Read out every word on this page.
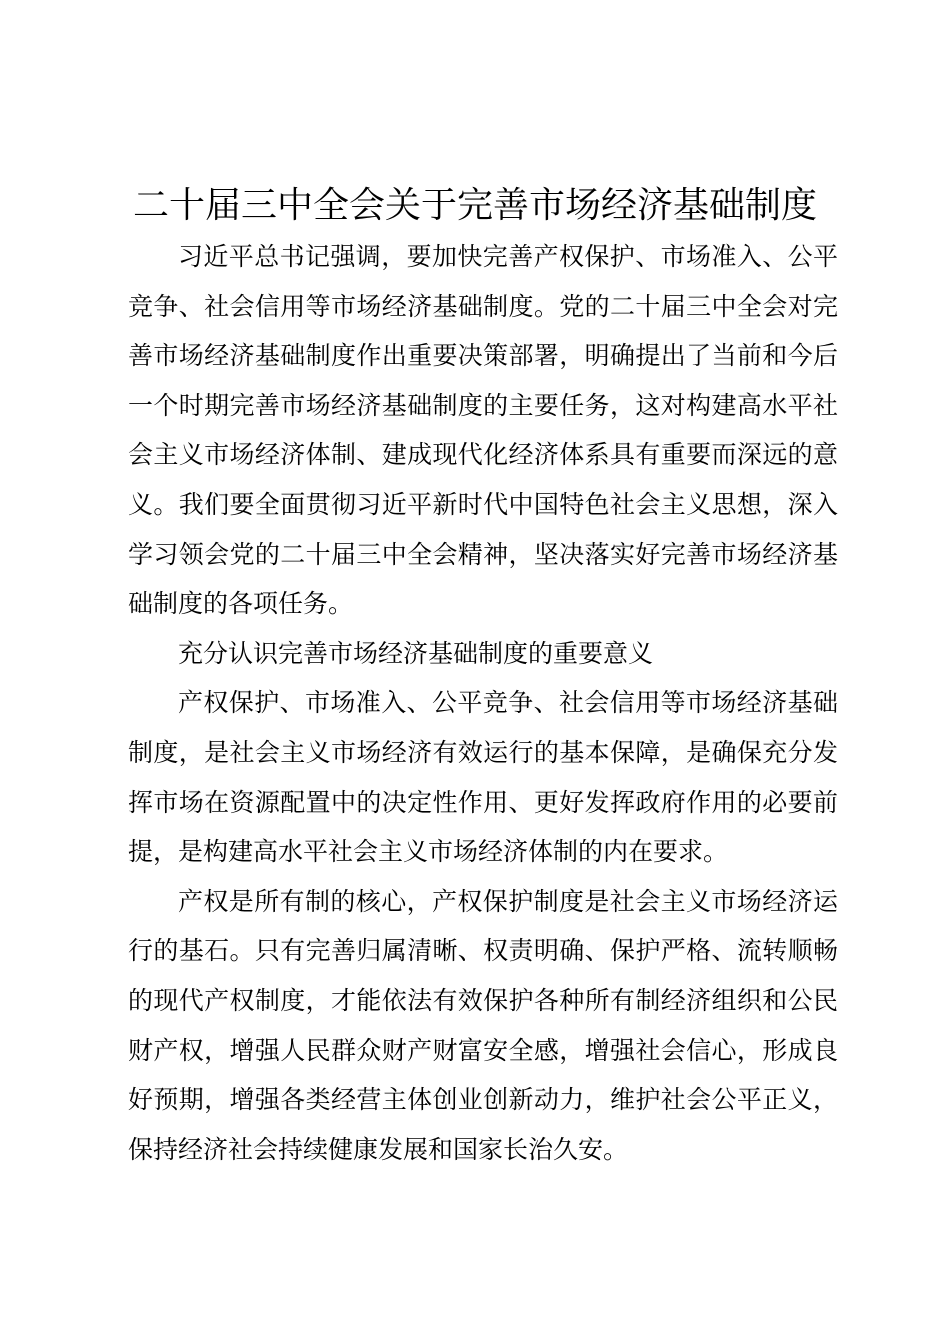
二十届三中全会关于完善市场经济基础制度

习近平总书记强调，要加快完善产权保护、市场准入、公平竞争、社会信用等市场经济基础制度。党的二十届三中全会对完善市场经济基础制度作出重要决策部署，明确提出了当前和今后一个时期完善市场经济基础制度的主要任务，这对构建高水平社会主义市场经济体制、建成现代化经济体系具有重要而深远的意义。我们要全面贯彻习近平新时代中国特色社会主义思想，深入学习领会党的二十届三中全会精神，坚决落实好完善市场经济基础制度的各项任务。

充分认识完善市场经济基础制度的重要意义

产权保护、市场准入、公平竞争、社会信用等市场经济基础制度，是社会主义市场经济有效运行的基本保障，是确保充分发挥市场在资源配置中的决定性作用、更好发挥政府作用的必要前提，是构建高水平社会主义市场经济体制的内在要求。

产权是所有制的核心，产权保护制度是社会主义市场经济运行的基石。只有完善归属清晰、权责明确、保护严格、流转顺畅的现代产权制度，才能依法有效保护各种所有制经济组织和公民财产权，增强人民群众财产财富安全感，增强社会信心，形成良好预期，增强各类经营主体创业创新动力，维护社会公平正义，保持经济社会持续健康发展和国家长治久安。
